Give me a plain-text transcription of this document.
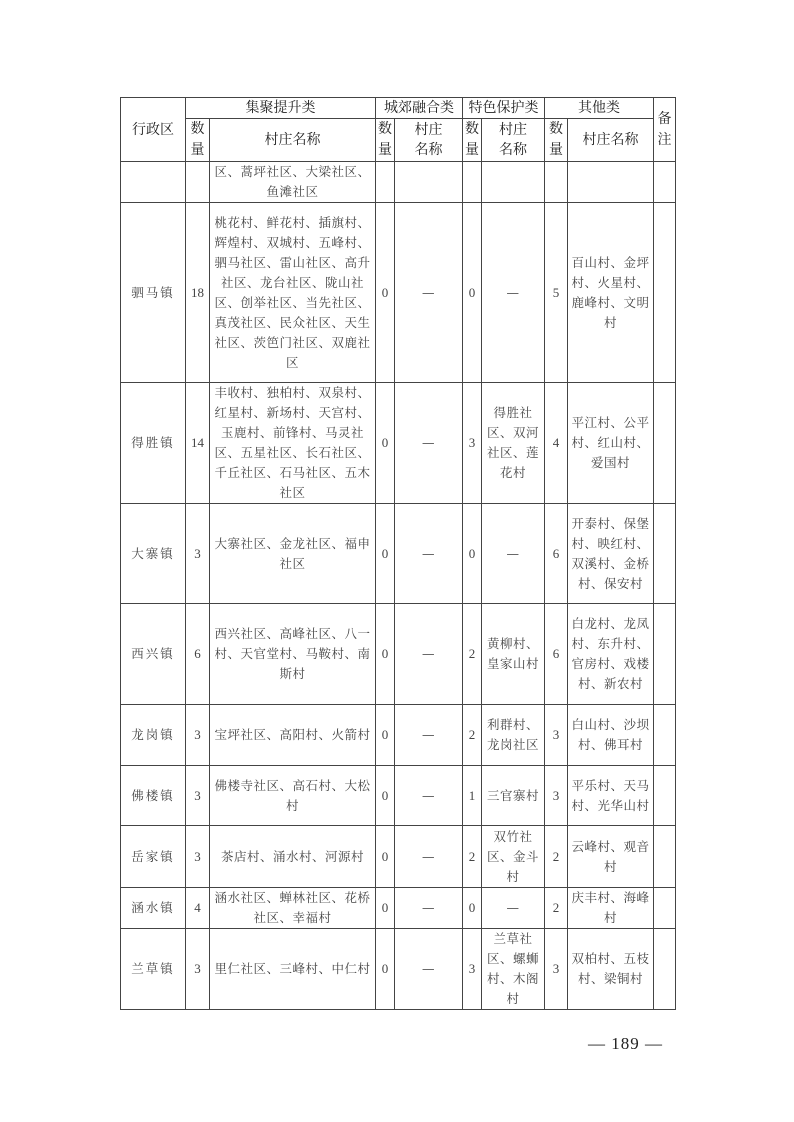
行政区	集聚提升类		城郊融合类		特色保护类		其他类		备注

	数量	村庄名称	数量	村庄名称	数量	村庄名称	数量	村庄名称	

		区、蒿坪社区、大梁社区、鱼滩社区							

驷马镇	18	桃花村、鲜花村、插旗村、辉煌村、双城村、五峰村、驷马社区、雷山社区、高升社区、龙台社区、陇山社区、创举社区、当先社区、真茂社区、民众社区、天生社区、茨笆门社区、双鹿社区	0	—	0	—	5	百山村、金坪村、火星村、鹿峰村、文明村	

得胜镇	14	丰收村、独柏村、双泉村、红星村、新场村、天宫村、玉鹿村、前锋村、马灵社区、五星社区、长石社区、千丘社区、石马社区、五木社区	0	—	3	得胜社区、双河社区、莲花村	4	平江村、公平村、红山村、爱国村	

大寨镇	3	大寨社区、金龙社区、福申社区	0	—	0	—	6	开泰村、保堡村、映红村、双溪村、金桥村、保安村	

西兴镇	6	西兴社区、高峰社区、八一村、天官堂村、马鞍村、南斯村	0	—	2	黄柳村、皇家山村	6	白龙村、龙凤村、东升村、官房村、戏楼村、新农村	

龙岗镇	3	宝坪社区、高阳村、火箭村	0	—	2	利群村、龙岗社区	3	白山村、沙坝村、佛耳村	

佛楼镇	3	佛楼寺社区、高石村、大松村	0	—	1	三官寨村	3	平乐村、天马村、光华山村	

岳家镇	3	茶店村、涌水村、河源村	0	—	2	双竹社区、金斗村	2	云峰村、观音村	

涵水镇	4	涵水社区、蝉林社区、花桥社区、幸福村	0	—	0	—	2	庆丰村、海峰村	

兰草镇	3	里仁社区、三峰村、中仁村	0	—	3	兰草社区、螺蛳村、木阁村	3	双柏村、五枝村、梁铜村	

— 189 —
